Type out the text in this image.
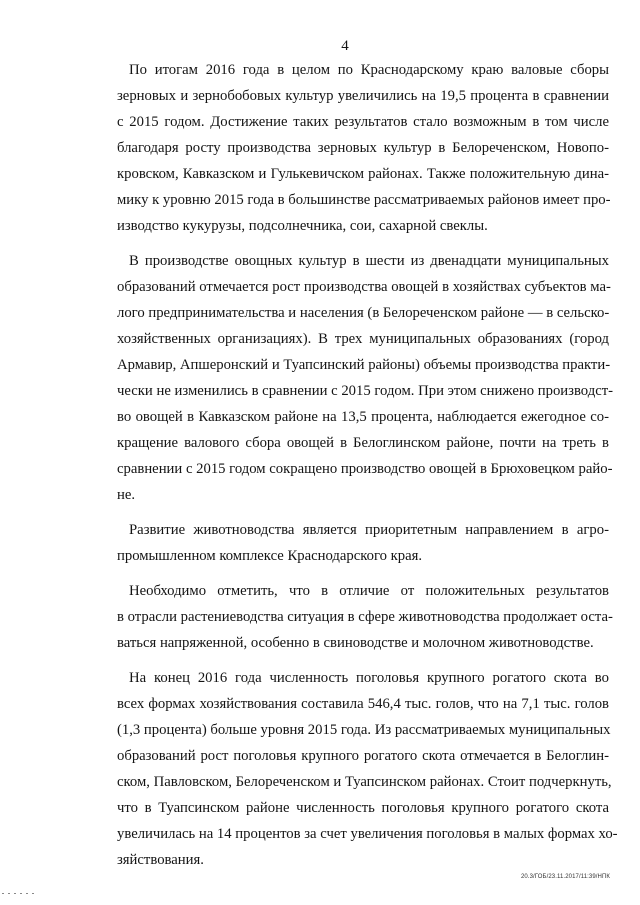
4

По итогам 2016 года в целом по Краснодарскому краю валовые сборы
зерновых и зернобобовых культур увеличились на 19,5 процента в сравнении
с 2015 годом. Достижение таких результатов стало возможным в том числе
благодаря росту производства зерновых культур в Белореченском, Новопо-
кровском, Кавказском и Гулькевичском районах. Также положительную дина-
мику к уровню 2015 года в большинстве рассматриваемых районов имеет про-
изводство кукурузы, подсолнечника, сои, сахарной свеклы.

В производстве овощных культур в шести из двенадцати муниципальных
образований отмечается рост производства овощей в хозяйствах субъектов ма-
лого предпринимательства и населения (в Белореченском районе — в сельско-
хозяйственных организациях). В трех муниципальных образованиях (город
Армавир, Апшеронский и Туапсинский районы) объемы производства практи-
чески не изменились в сравнении с 2015 годом. При этом снижено производст-
во овощей в Кавказском районе на 13,5 процента, наблюдается ежегодное со-
кращение валового сбора овощей в Белоглинском районе, почти на треть в
сравнении с 2015 годом сокращено производство овощей в Брюховецком райо-
не.

Развитие животноводства является приоритетным направлением в агро-
промышленном комплексе Краснодарского края.

Необходимо отметить, что в отличие от положительных результатов
в отрасли растениеводства ситуация в сфере животноводства продолжает оста-
ваться напряженной, особенно в свиноводстве и молочном животноводстве.

На конец 2016 года численность поголовья крупного рогатого скота во
всех формах хозяйствования составила 546,4 тыс. голов, что на 7,1 тыс. голов
(1,3 процента) больше уровня 2015 года. Из рассматриваемых муниципальных
образований рост поголовья крупного рогатого скота отмечается в Белоглин-
ском, Павловском, Белореченском и Туапсинском районах. Стоит подчеркнуть,
что в Туапсинском районе численность поголовья крупного рогатого скота
увеличилась на 14 процентов за счет увеличения поголовья в малых формах хо-
зяйствования.

20.3/ГОБ/23.11.2017/11:39/НПК
